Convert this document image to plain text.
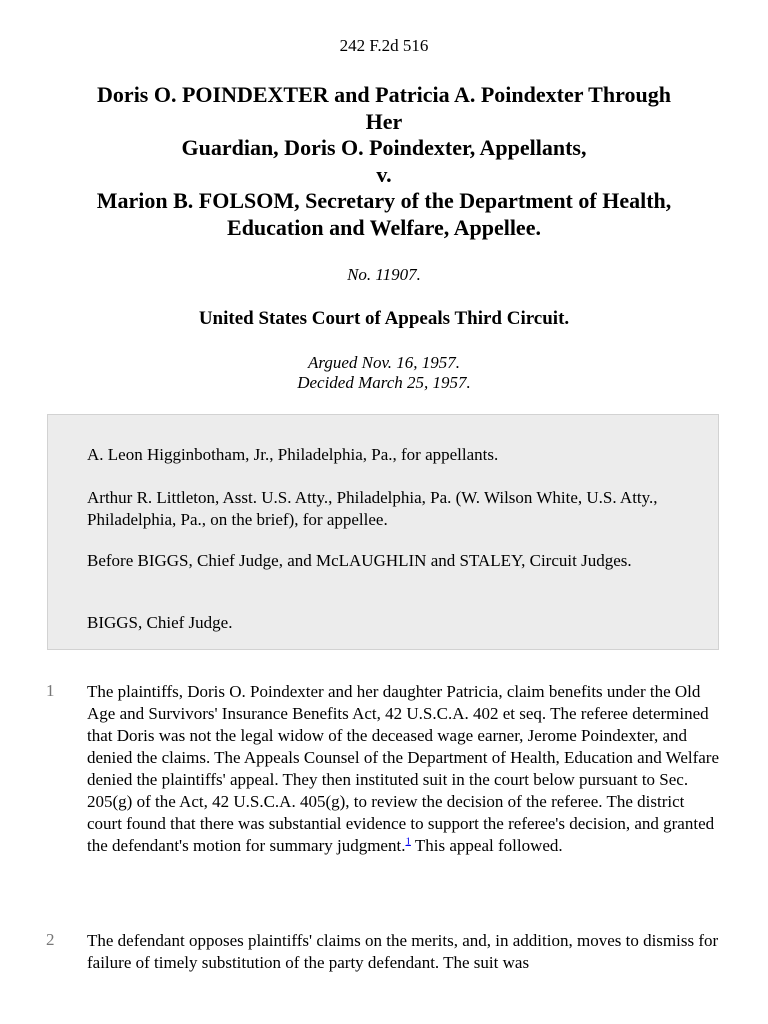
242 F.2d 516
Doris O. POINDEXTER and Patricia A. Poindexter Through
Her
Guardian, Doris O. Poindexter, Appellants,
v.
Marion B. FOLSOM, Secretary of the Department of Health,
Education and Welfare, Appellee.
No. 11907.
United States Court of Appeals Third Circuit.
Argued Nov. 16, 1957.
Decided March 25, 1957.

A. Leon Higginbotham, Jr., Philadelphia, Pa., for appellants.

Arthur R. Littleton, Asst. U.S. Atty., Philadelphia, Pa. (W. Wilson White, U.S. Atty., Philadelphia, Pa., on the brief), for appellee.

Before BIGGS, Chief Judge, and McLAUGHLIN and STALEY, Circuit Judges.

BIGGS, Chief Judge.

1 The plaintiffs, Doris O. Poindexter and her daughter Patricia, claim benefits under the Old Age and Survivors' Insurance Benefits Act, 42 U.S.C.A. 402 et seq. The referee determined that Doris was not the legal widow of the deceased wage earner, Jerome Poindexter, and denied the claims. The Appeals Counsel of the Department of Health, Education and Welfare denied the plaintiffs' appeal. They then instituted suit in the court below pursuant to Sec. 205(g) of the Act, 42 U.S.C.A. 405(g), to review the decision of the referee. The district court found that there was substantial evidence to support the referee's decision, and granted the defendant's motion for summary judgment.$^1$ This appeal followed.

2 The defendant opposes plaintiffs' claims on the merits, and, in addition, moves to dismiss for failure of timely substitution of the party defendant. The suit was
